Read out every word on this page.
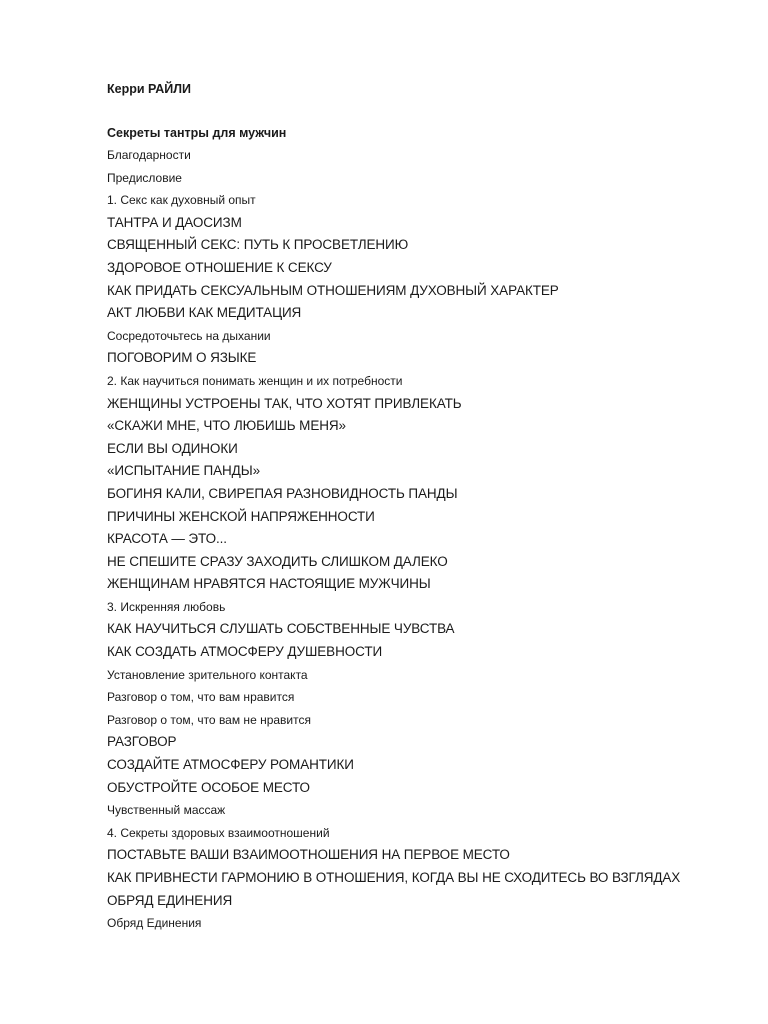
Керри РАЙЛИ
Секреты тантры для мужчин
Благодарности
Предисловие
1. Секс как духовный опыт
ТАНТРА И ДАОСИЗМ
СВЯЩЕННЫЙ СЕКС: ПУТЬ К ПРОСВЕТЛЕНИЮ
ЗДОРОВОЕ ОТНОШЕНИЕ К СЕКСУ
КАК ПРИДАТЬ СЕКСУАЛЬНЫМ ОТНОШЕНИЯМ ДУХОВНЫЙ ХАРАКТЕР
АКТ ЛЮБВИ КАК МЕДИТАЦИЯ
Сосредоточьтесь на дыхании
ПОГОВОРИМ О ЯЗЫКЕ
2. Как научиться понимать женщин и их потребности
ЖЕНЩИНЫ УСТРОЕНЫ ТАК, ЧТО ХОТЯТ ПРИВЛЕКАТЬ
«СКАЖИ МНЕ, ЧТО ЛЮБИШЬ МЕНЯ»
ЕСЛИ ВЫ ОДИНОКИ
«ИСПЫТАНИЕ ПАНДЫ»
БОГИНЯ КАЛИ, СВИРЕПАЯ РАЗНОВИДНОСТЬ ПАНДЫ
ПРИЧИНЫ ЖЕНСКОЙ НАПРЯЖЕННОСТИ
КРАСОТА — ЭТО...
НЕ СПЕШИТЕ СРАЗУ ЗАХОДИТЬ СЛИШКОМ ДАЛЕКО
ЖЕНЩИНАМ НРАВЯТСЯ НАСТОЯЩИЕ МУЖЧИНЫ
3. Искренняя любовь
КАК НАУЧИТЬСЯ СЛУШАТЬ СОБСТВЕННЫЕ ЧУВСТВА
КАК СОЗДАТЬ АТМОСФЕРУ ДУШЕВНОСТИ
Установление зрительного контакта
Разговор о том, что вам нравится
Разговор о том, что вам не нравится
РАЗГОВОР
СОЗДАЙТЕ АТМОСФЕРУ РОМАНТИКИ
ОБУСТРОЙТЕ ОСОБОЕ МЕСТО
Чувственный массаж
4. Секреты здоровых взаимоотношений
ПОСТАВЬТЕ ВАШИ ВЗАИМООТНОШЕНИЯ НА ПЕРВОЕ МЕСТО
КАК ПРИВНЕСТИ ГАРМОНИЮ В ОТНОШЕНИЯ, КОГДА ВЫ НЕ СХОДИТЕСЬ ВО ВЗГЛЯДАХ
ОБРЯД ЕДИНЕНИЯ
Обряд Единения
